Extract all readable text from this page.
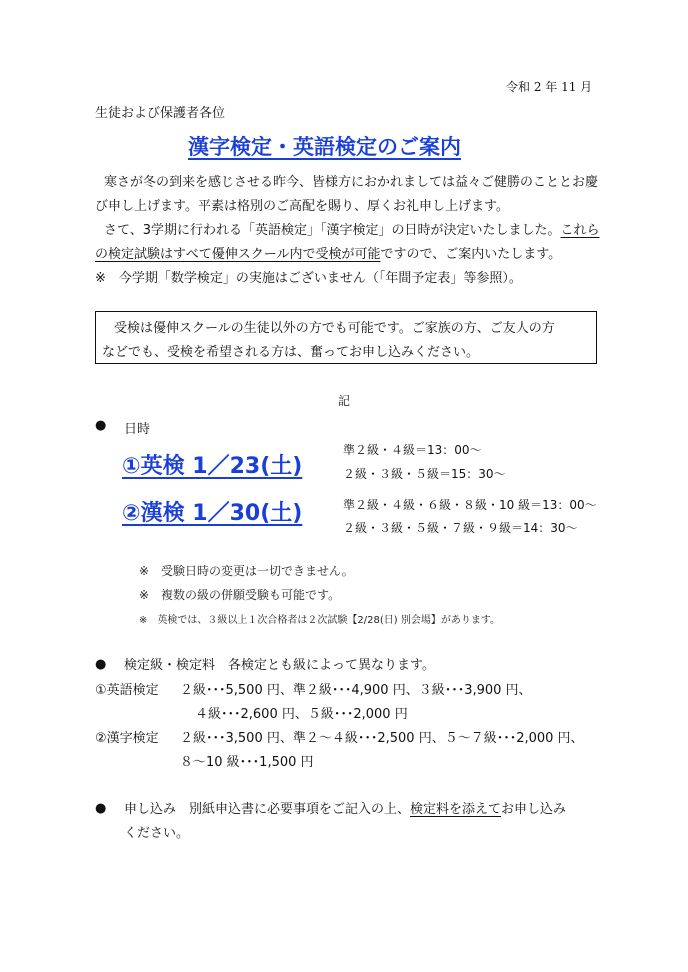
令和 2 年 11 月
生徒および保護者各位
漢字検定・英語検定のご案内
寒さが冬の到来を感じさせる昨今、皆様方におかれましては益々ご健勝のこととお慶
び申し上げます。平素は格別のご高配を賜り、厚くお礼申し上げます。
さて、3学期に行われる「英語検定」「漢字検定」の日時が決定いたしました。これら
の検定試験はすべて優伸スクール内で受検が可能ですので、ご案内いたします。
※　今学期「数学検定」の実施はございません（「年間予定表」等参照）。
受検は優伸スクールの生徒以外の方でも可能です。ご家族の方、ご友人の方
などでも、受検を希望される方は、奮ってお申し込みください。
記
● 日時
①英検 1／23(土)
準２級・４級＝13：00～
２級・３級・５級＝15：30～
②漢検 1／30(土)	準２級・４級・６級・８級・10 級＝13：00～
２級・３級・５級・７級・９級＝14：30～
※　受験日時の変更は一切できません。
※　複数の級の併願受験も可能です。
※　英検では、３級以上１次合格者は２次試験【2/28(日) 別会場】があります。
● 検定級・検定料　各検定とも級によって異なります。
①英語検定 ２級･･･5,500 円、準２級･･･4,900 円、３級･･･3,900 円、
４級･･･2,600 円、５級･･･2,000 円
②漢字検定 ２級･･･3,500 円、準２～４級･･･2,500 円、５～７級･･･2,000 円、
８～10 級･･･1,500 円
● 申し込み　別紙申込書に必要事項をご記入の上、検定料を添えてお申し込み
ください。
